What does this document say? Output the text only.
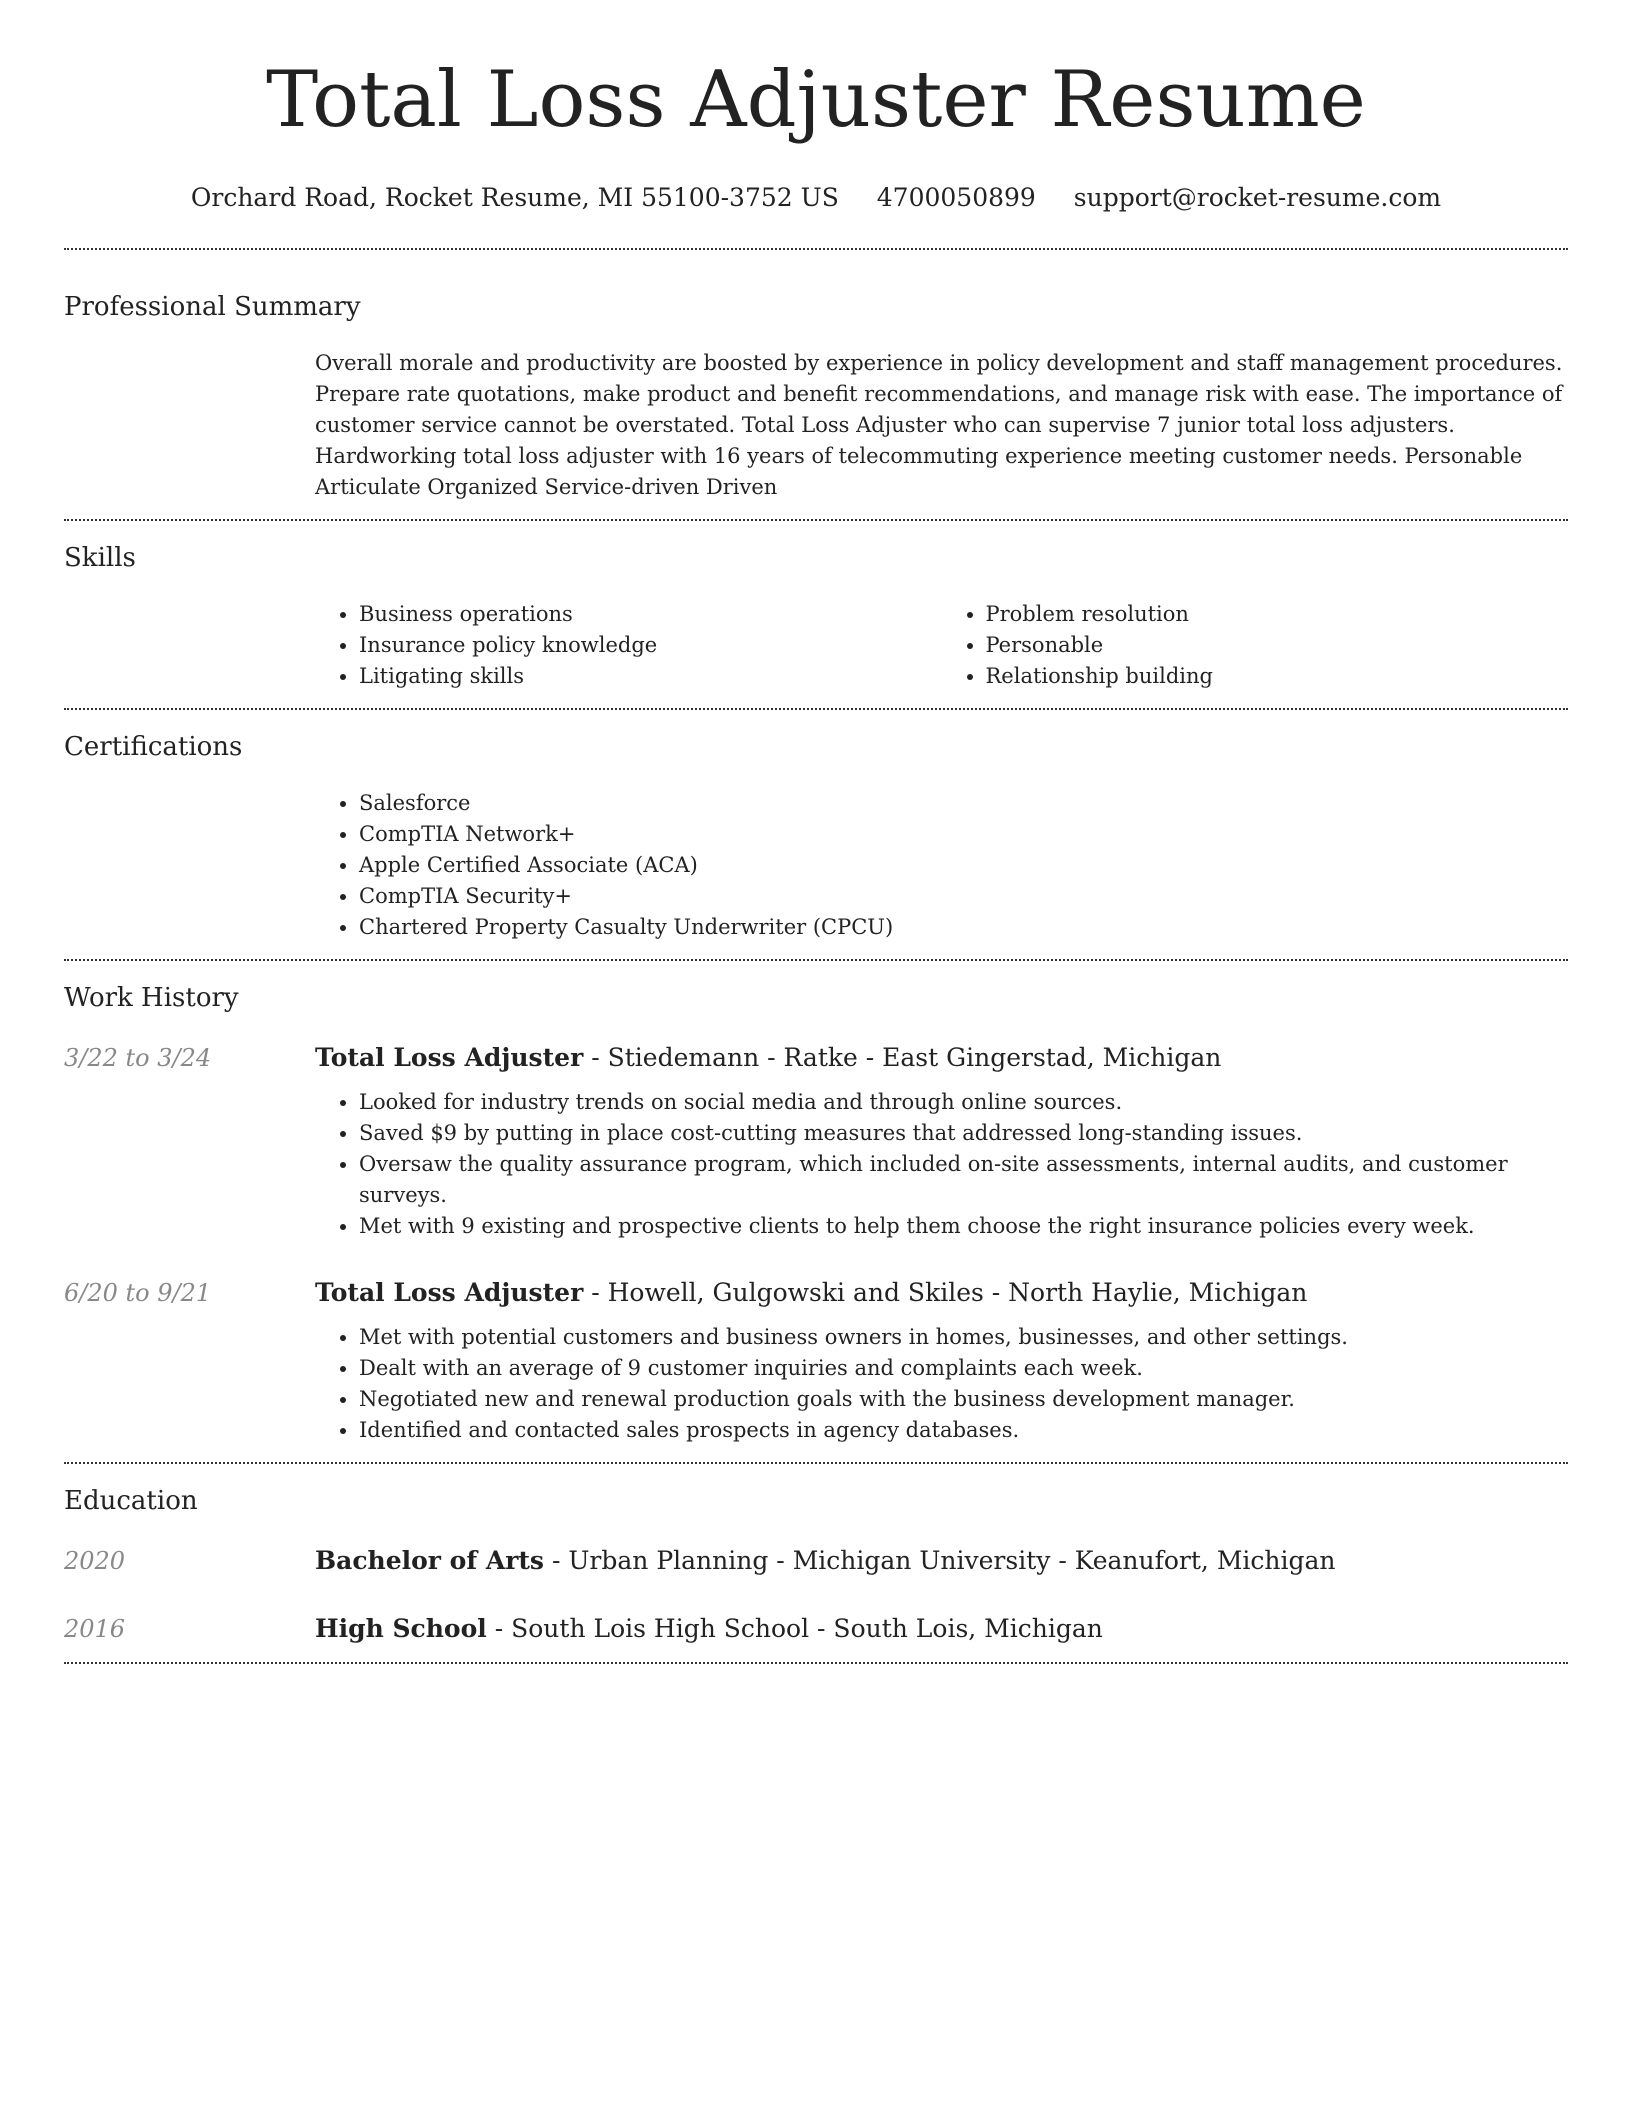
Total Loss Adjuster Resume
Orchard Road, Rocket Resume, MI 55100-3752 US 4700050899 support@rocket-resume.com
Professional Summary
Overall morale and productivity are boosted by experience in policy development and staff management procedures. Prepare rate quotations, make product and benefit recommendations, and manage risk with ease. The importance of customer service cannot be overstated. Total Loss Adjuster who can supervise 7 junior total loss adjusters. Hardworking total loss adjuster with 16 years of telecommuting experience meeting customer needs. Personable Articulate Organized Service-driven Driven
Skills
• Business operations
• Insurance policy knowledge
• Litigating skills
• Problem resolution
• Personable
• Relationship building
Certifications
• Salesforce
• CompTIA Network+
• Apple Certified Associate (ACA)
• CompTIA Security+
• Chartered Property Casualty Underwriter (CPCU)
Work History
3/22 to 3/24	Total Loss Adjuster - Stiedemann - Ratke - East Gingerstad, Michigan
• Looked for industry trends on social media and through online sources.
• Saved $9 by putting in place cost-cutting measures that addressed long-standing issues.
• Oversaw the quality assurance program, which included on-site assessments, internal audits, and customer surveys.
• Met with 9 existing and prospective clients to help them choose the right insurance policies every week.
6/20 to 9/21	Total Loss Adjuster - Howell, Gulgowski and Skiles - North Haylie, Michigan
• Met with potential customers and business owners in homes, businesses, and other settings.
• Dealt with an average of 9 customer inquiries and complaints each week.
• Negotiated new and renewal production goals with the business development manager.
• Identified and contacted sales prospects in agency databases.
Education
2020	Bachelor of Arts - Urban Planning - Michigan University - Keanufort, Michigan
2016	High School - South Lois High School - South Lois, Michigan
